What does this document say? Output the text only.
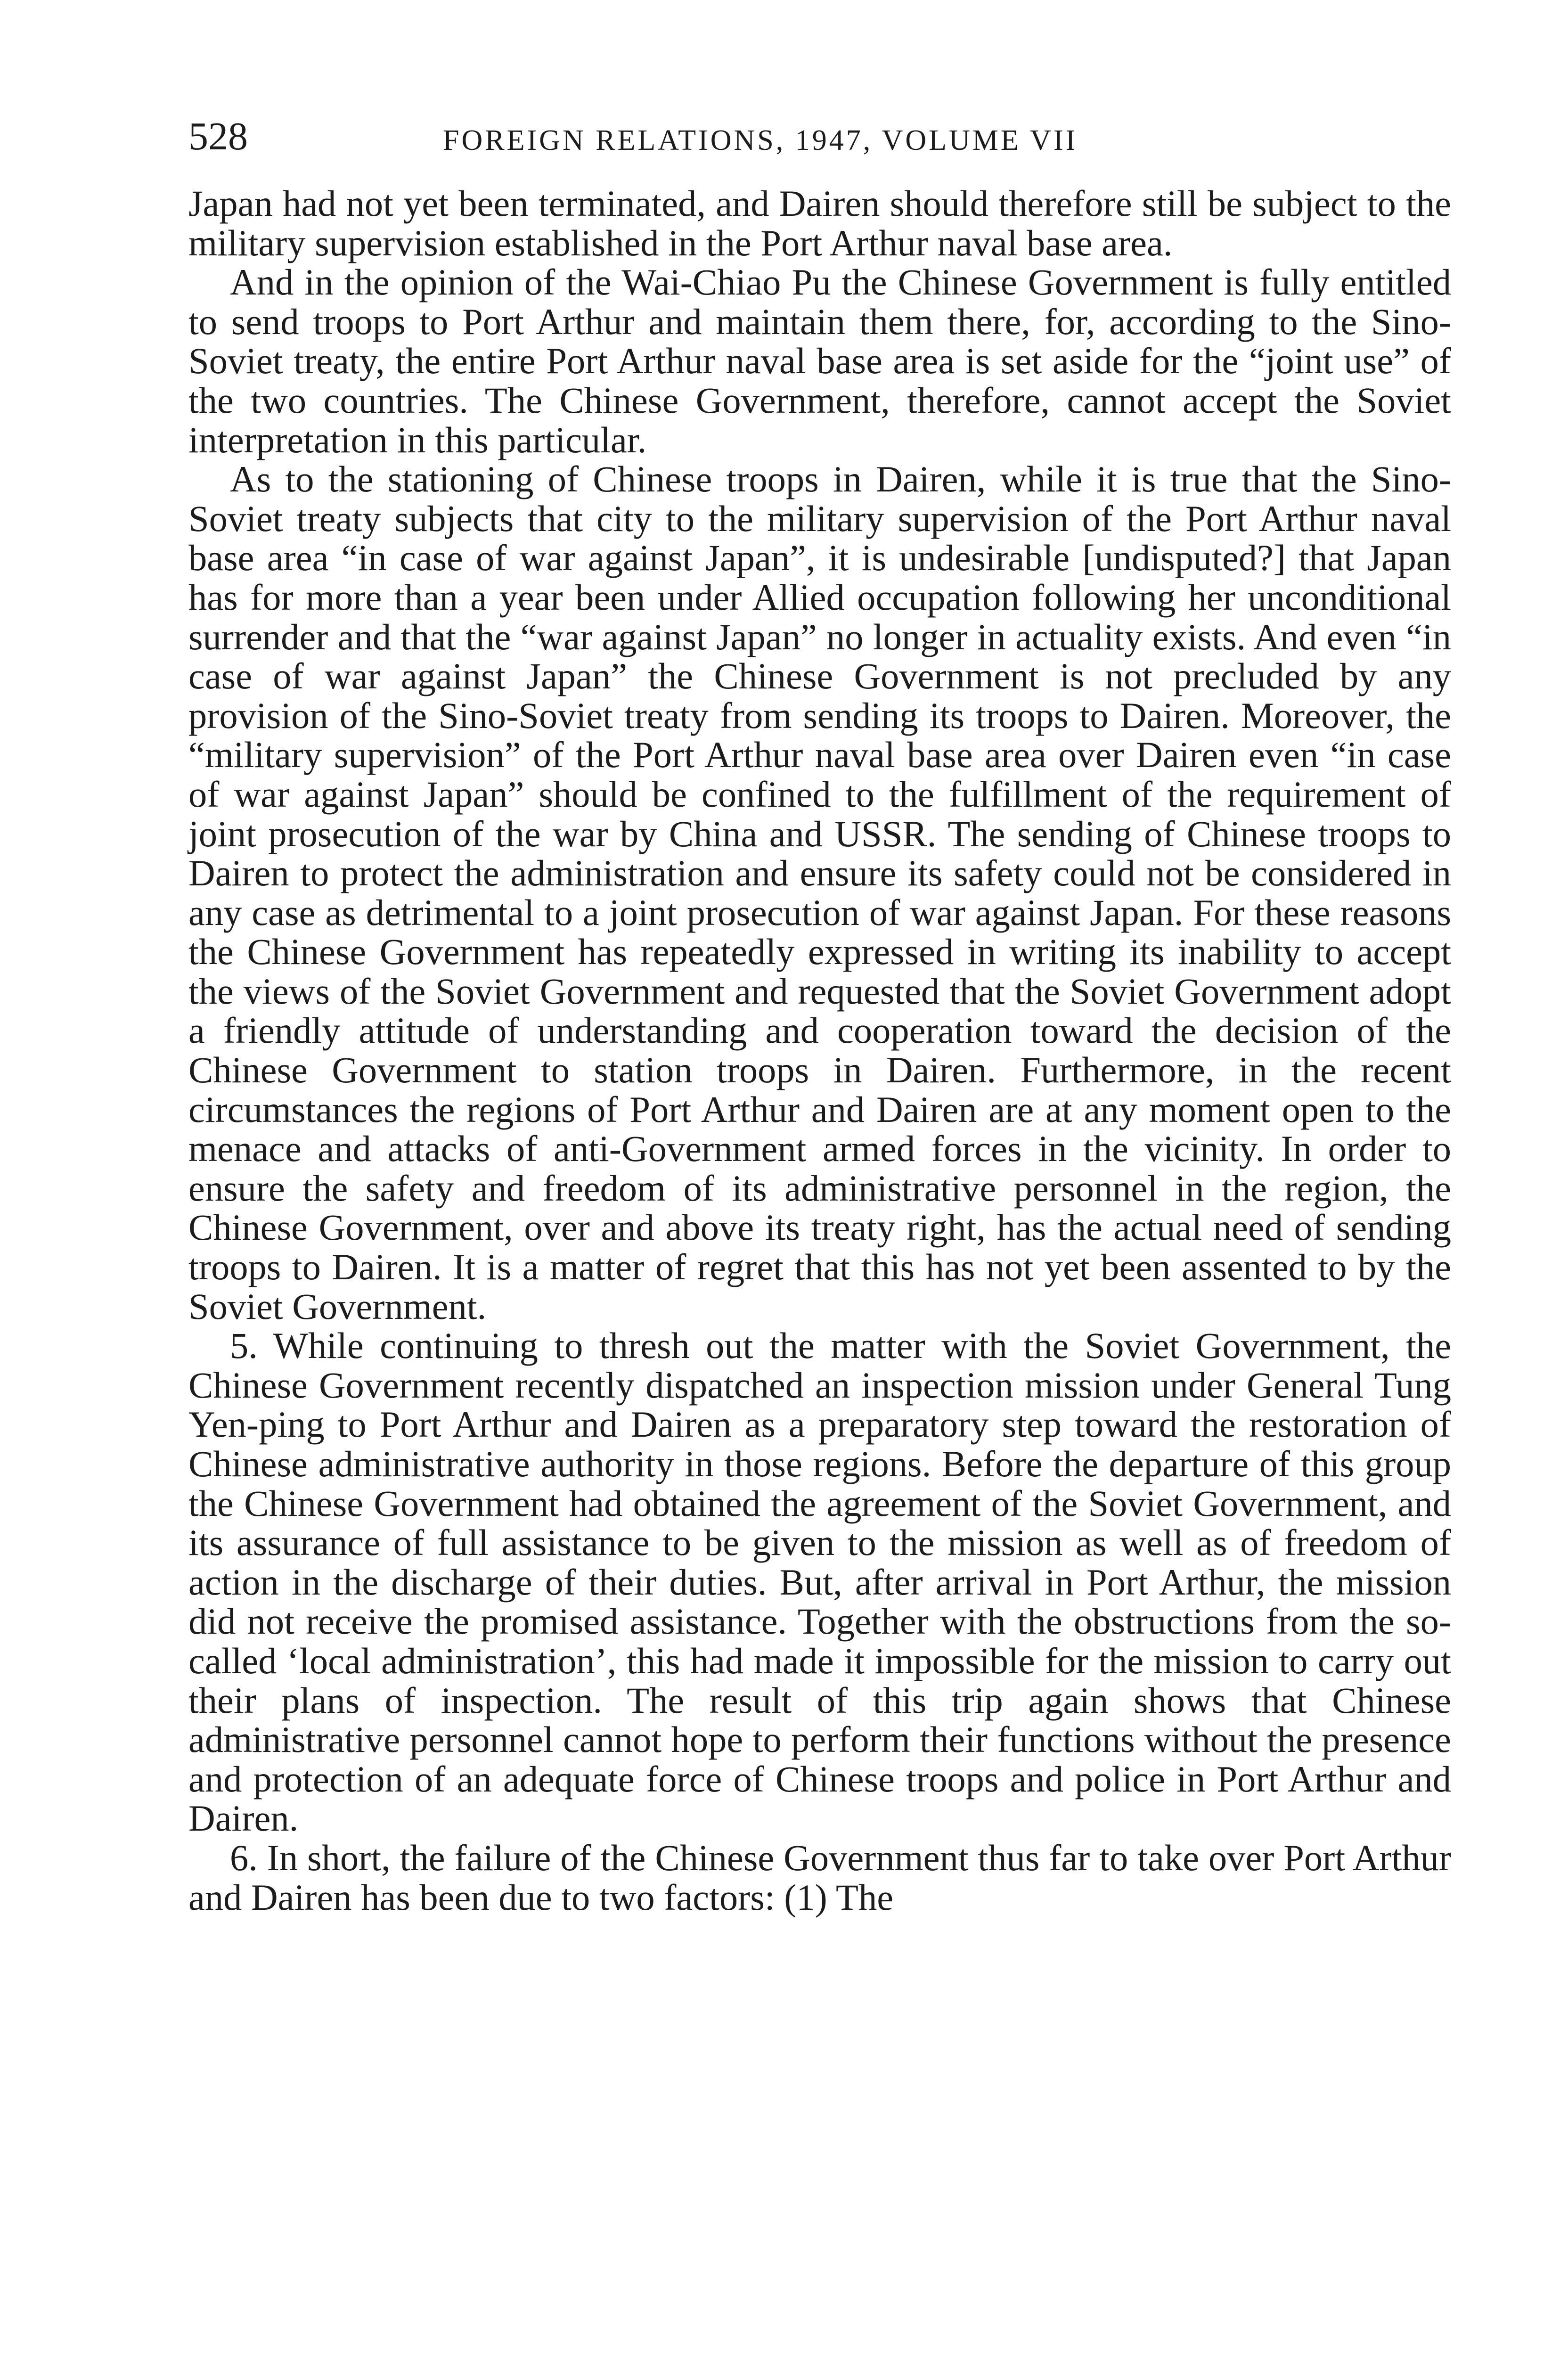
528	FOREIGN RELATIONS, 1947, VOLUME VII

Japan had not yet been terminated, and Dairen should therefore still be subject to the military supervision established in the Port Arthur naval base area.

And in the opinion of the Wai-Chiao Pu the Chinese Government is fully entitled to send troops to Port Arthur and maintain them there, for, according to the Sino-Soviet treaty, the entire Port Arthur naval base area is set aside for the “joint use” of the two countries. The Chinese Government, therefore, cannot accept the Soviet interpretation in this particular.

As to the stationing of Chinese troops in Dairen, while it is true that the Sino-Soviet treaty subjects that city to the military supervision of the Port Arthur naval base area “in case of war against Japan”, it is undesirable [undisputed?] that Japan has for more than a year been under Allied occupation following her unconditional surrender and that the “war against Japan” no longer in actuality exists. And even “in case of war against Japan” the Chinese Government is not precluded by any provision of the Sino-Soviet treaty from sending its troops to Dairen. Moreover, the “military supervision” of the Port Arthur naval base area over Dairen even “in case of war against Japan” should be confined to the fulfillment of the requirement of joint prosecution of the war by China and USSR. The sending of Chinese troops to Dairen to protect the administration and ensure its safety could not be considered in any case as detrimental to a joint prosecution of war against Japan. For these reasons the Chinese Government has repeatedly expressed in writing its inability to accept the views of the Soviet Government and requested that the Soviet Government adopt a friendly attitude of understanding and cooperation toward the decision of the Chinese Government to station troops in Dairen. Furthermore, in the recent circumstances the regions of Port Arthur and Dairen are at any moment open to the menace and attacks of anti-Government armed forces in the vicinity. In order to ensure the safety and freedom of its administrative personnel in the region, the Chinese Government, over and above its treaty right, has the actual need of sending troops to Dairen. It is a matter of regret that this has not yet been assented to by the Soviet Government.

5. While continuing to thresh out the matter with the Soviet Government, the Chinese Government recently dispatched an inspection mission under General Tung Yen-ping to Port Arthur and Dairen as a preparatory step toward the restoration of Chinese administrative authority in those regions. Before the departure of this group the Chinese Government had obtained the agreement of the Soviet Government, and its assurance of full assistance to be given to the mission as well as of freedom of action in the discharge of their duties. But, after arrival in Port Arthur, the mission did not receive the promised assistance. Together with the obstructions from the so-called ‘local administration’, this had made it impossible for the mission to carry out their plans of inspection. The result of this trip again shows that Chinese administrative personnel cannot hope to perform their functions without the presence and protection of an adequate force of Chinese troops and police in Port Arthur and Dairen.

6. In short, the failure of the Chinese Government thus far to take over Port Arthur and Dairen has been due to two factors: (1) The
